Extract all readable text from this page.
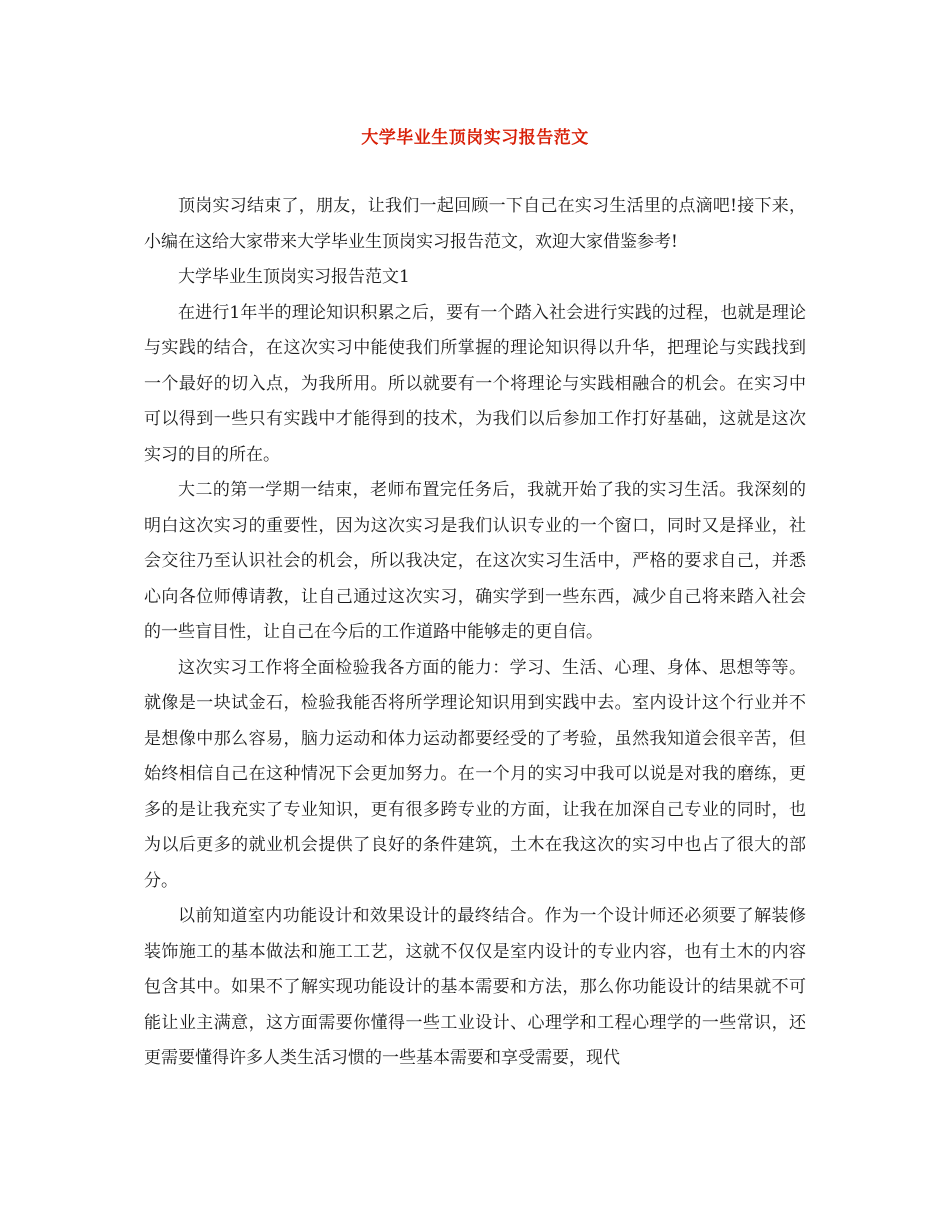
大学毕业生顶岗实习报告范文

顶岗实习结束了，朋友，让我们一起回顾一下自己在实习生活里的点滴吧!接下来，小编在这给大家带来大学毕业生顶岗实习报告范文，欢迎大家借鉴参考!

大学毕业生顶岗实习报告范文1

在进行1年半的理论知识积累之后，要有一个踏入社会进行实践的过程，也就是理论与实践的结合，在这次实习中能使我们所掌握的理论知识得以升华，把理论与实践找到一个最好的切入点，为我所用。所以就要有一个将理论与实践相融合的机会。在实习中可以得到一些只有实践中才能得到的技术，为我们以后参加工作打好基础，这就是这次实习的目的所在。

大二的第一学期一结束，老师布置完任务后，我就开始了我的实习生活。我深刻的明白这次实习的重要性，因为这次实习是我们认识专业的一个窗口，同时又是择业，社会交往乃至认识社会的机会，所以我决定，在这次实习生活中，严格的要求自己，并悉心向各位师傅请教，让自己通过这次实习，确实学到一些东西，减少自己将来踏入社会的一些盲目性，让自己在今后的工作道路中能够走的更自信。

这次实习工作将全面检验我各方面的能力：学习、生活、心理、身体、思想等等。就像是一块试金石，检验我能否将所学理论知识用到实践中去。室内设计这个行业并不是想像中那么容易，脑力运动和体力运动都要经受的了考验，虽然我知道会很辛苦，但始终相信自己在这种情况下会更加努力。在一个月的实习中我可以说是对我的磨练，更多的是让我充实了专业知识，更有很多跨专业的方面，让我在加深自己专业的同时，也为以后更多的就业机会提供了良好的条件建筑，土木在我这次的实习中也占了很大的部分。

以前知道室内功能设计和效果设计的最终结合。作为一个设计师还必须要了解装修装饰施工的基本做法和施工工艺，这就不仅仅是室内设计的专业内容，也有土木的内容包含其中。如果不了解实现功能设计的基本需要和方法，那么你功能设计的结果就不可能让业主满意，这方面需要你懂得一些工业设计、心理学和工程心理学的一些常识，还更需要懂得许多人类生活习惯的一些基本需要和享受需要，现代
